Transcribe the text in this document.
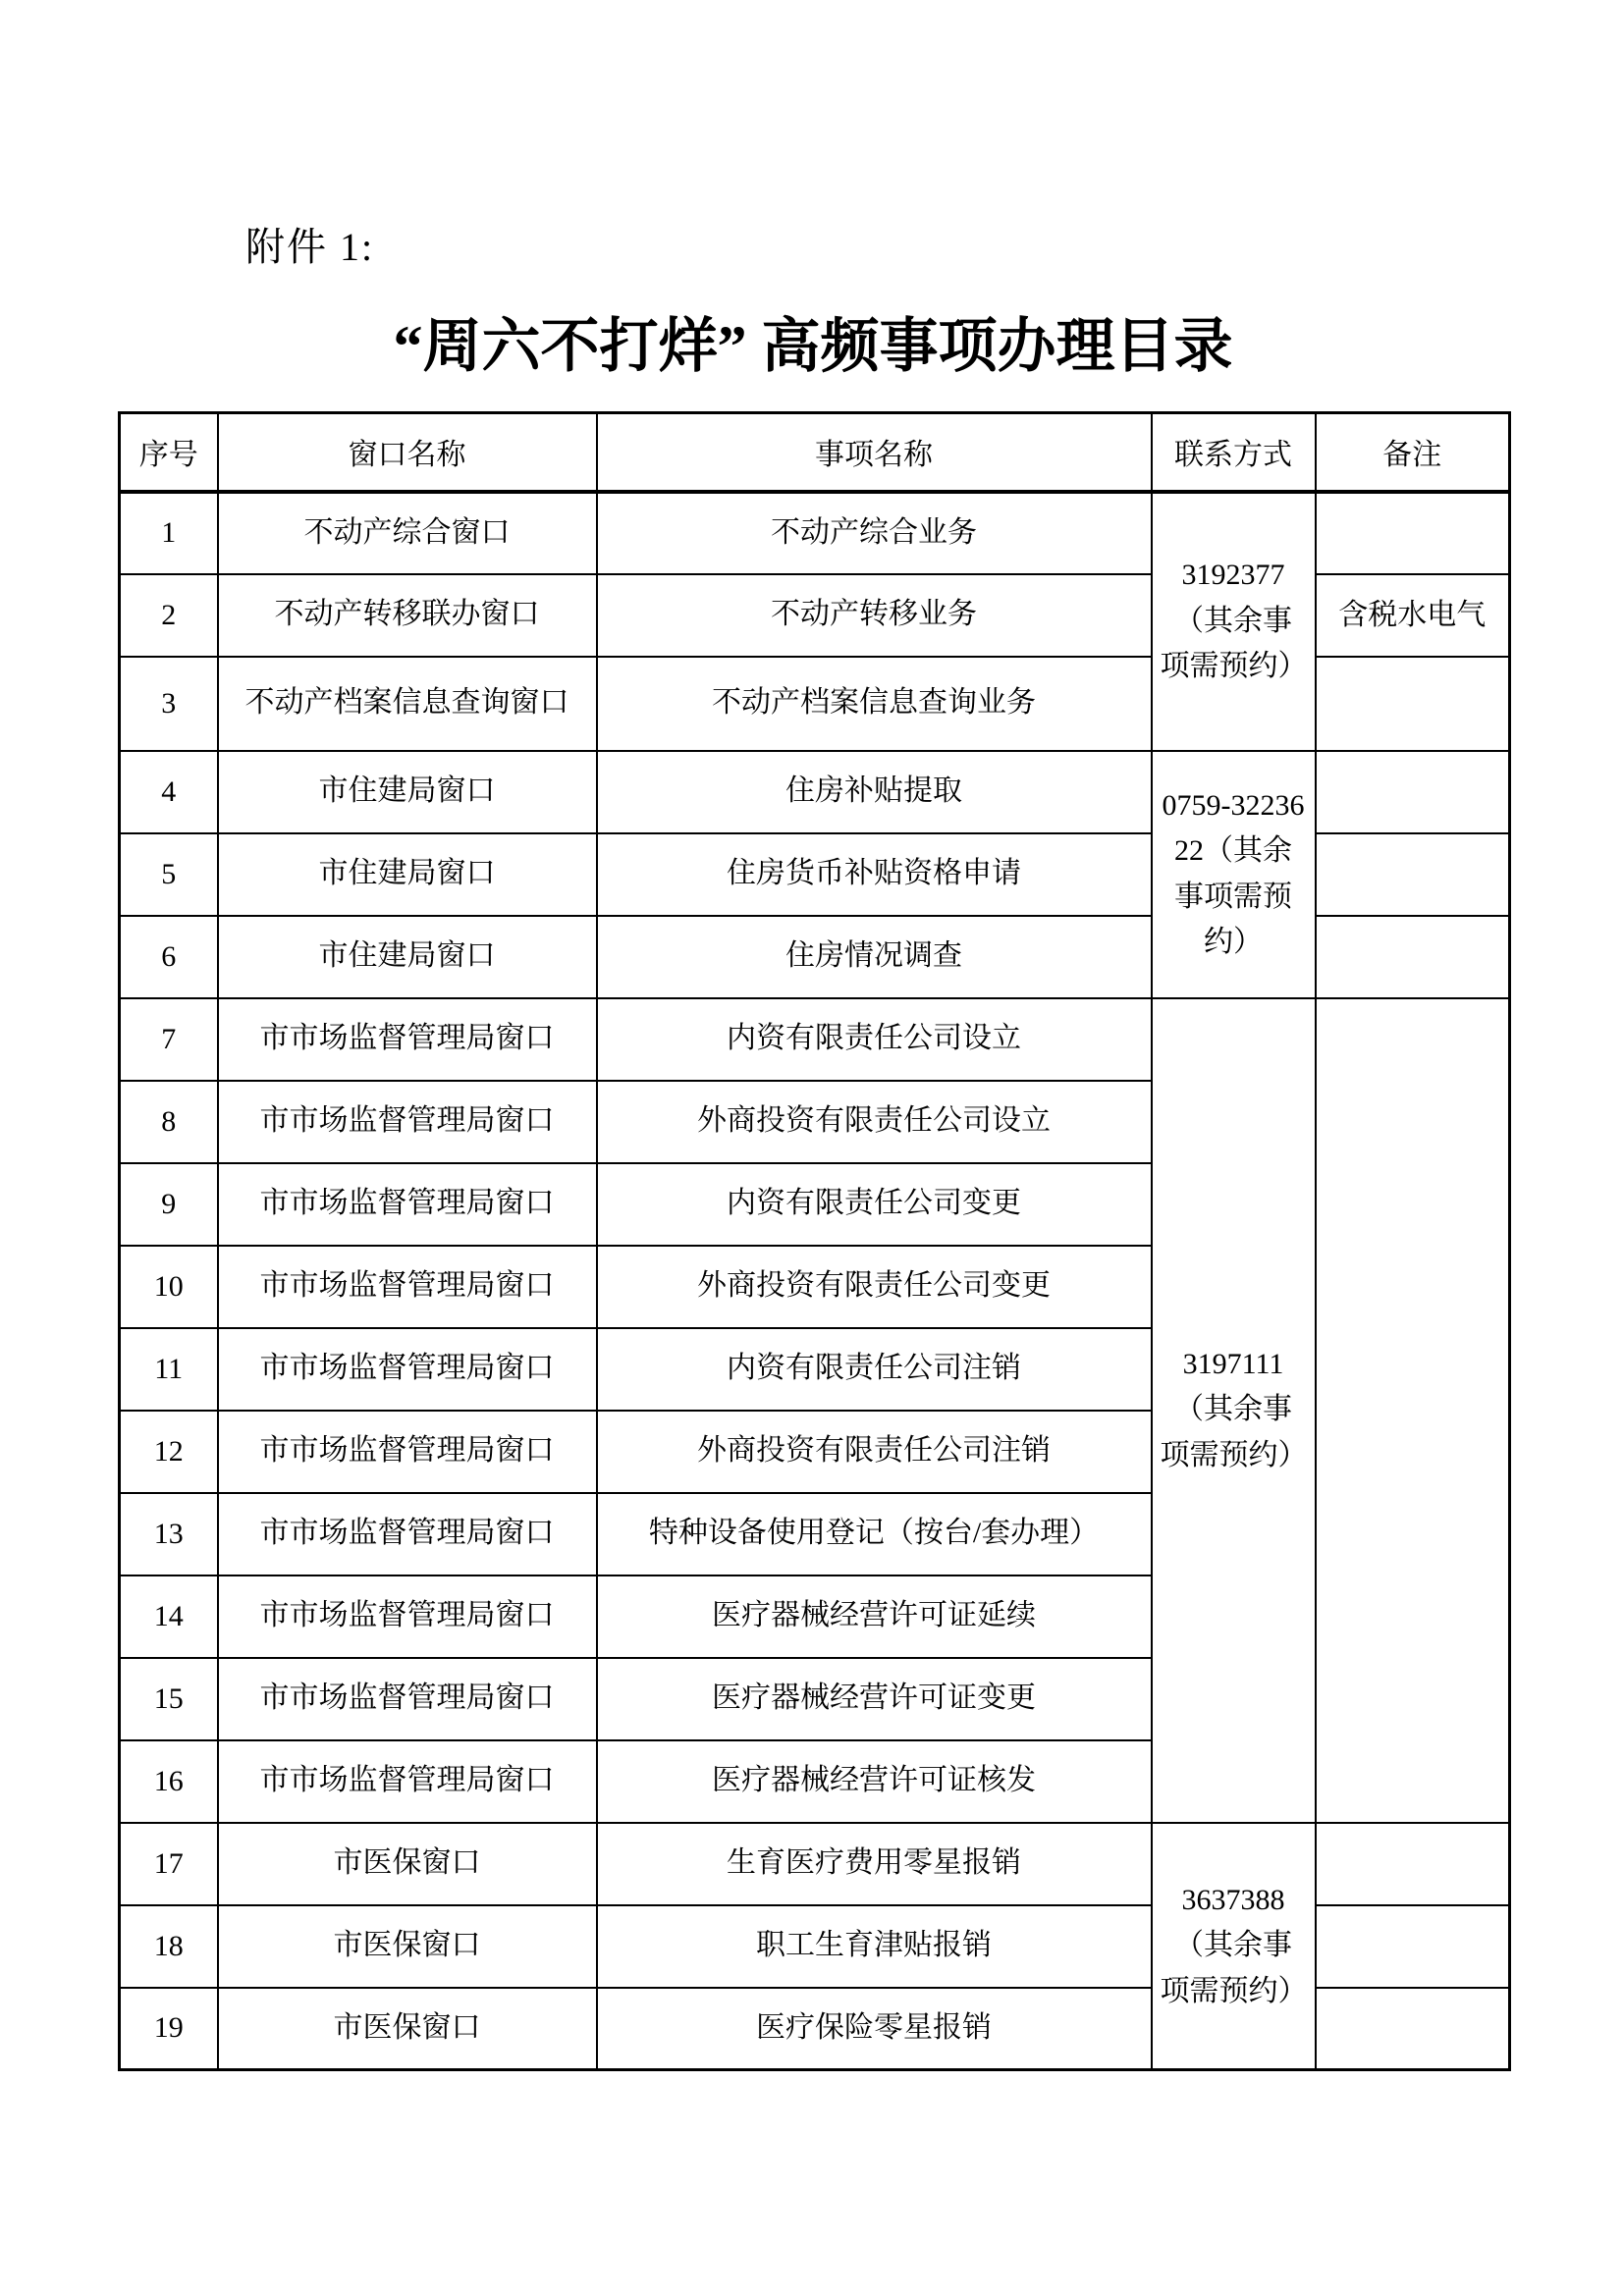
附件 1:
“周六不打烊” 高频事项办理目录
序号	窗口名称	事项名称	联系方式	备注
1	不动产综合窗口	不动产综合业务	3192377（其余事项需预约）	
2	不动产转移联办窗口	不动产转移业务		含税水电气
3	不动产档案信息查询窗口	不动产档案信息查询业务		
4	市住建局窗口	住房补贴提取	0759-3223622（其余事项需预约）	
5	市住建局窗口	住房货币补贴资格申请		
6	市住建局窗口	住房情况调查		
7	市市场监督管理局窗口	内资有限责任公司设立	3197111（其余事项需预约）	
8	市市场监督管理局窗口	外商投资有限责任公司设立		
9	市市场监督管理局窗口	内资有限责任公司变更		
10	市市场监督管理局窗口	外商投资有限责任公司变更		
11	市市场监督管理局窗口	内资有限责任公司注销		
12	市市场监督管理局窗口	外商投资有限责任公司注销		
13	市市场监督管理局窗口	特种设备使用登记（按台/套办理）		
14	市市场监督管理局窗口	医疗器械经营许可证延续		
15	市市场监督管理局窗口	医疗器械经营许可证变更		
16	市市场监督管理局窗口	医疗器械经营许可证核发		
17	市医保窗口	生育医疗费用零星报销	3637388（其余事项需预约）	
18	市医保窗口	职工生育津贴报销		
19	市医保窗口	医疗保险零星报销		
